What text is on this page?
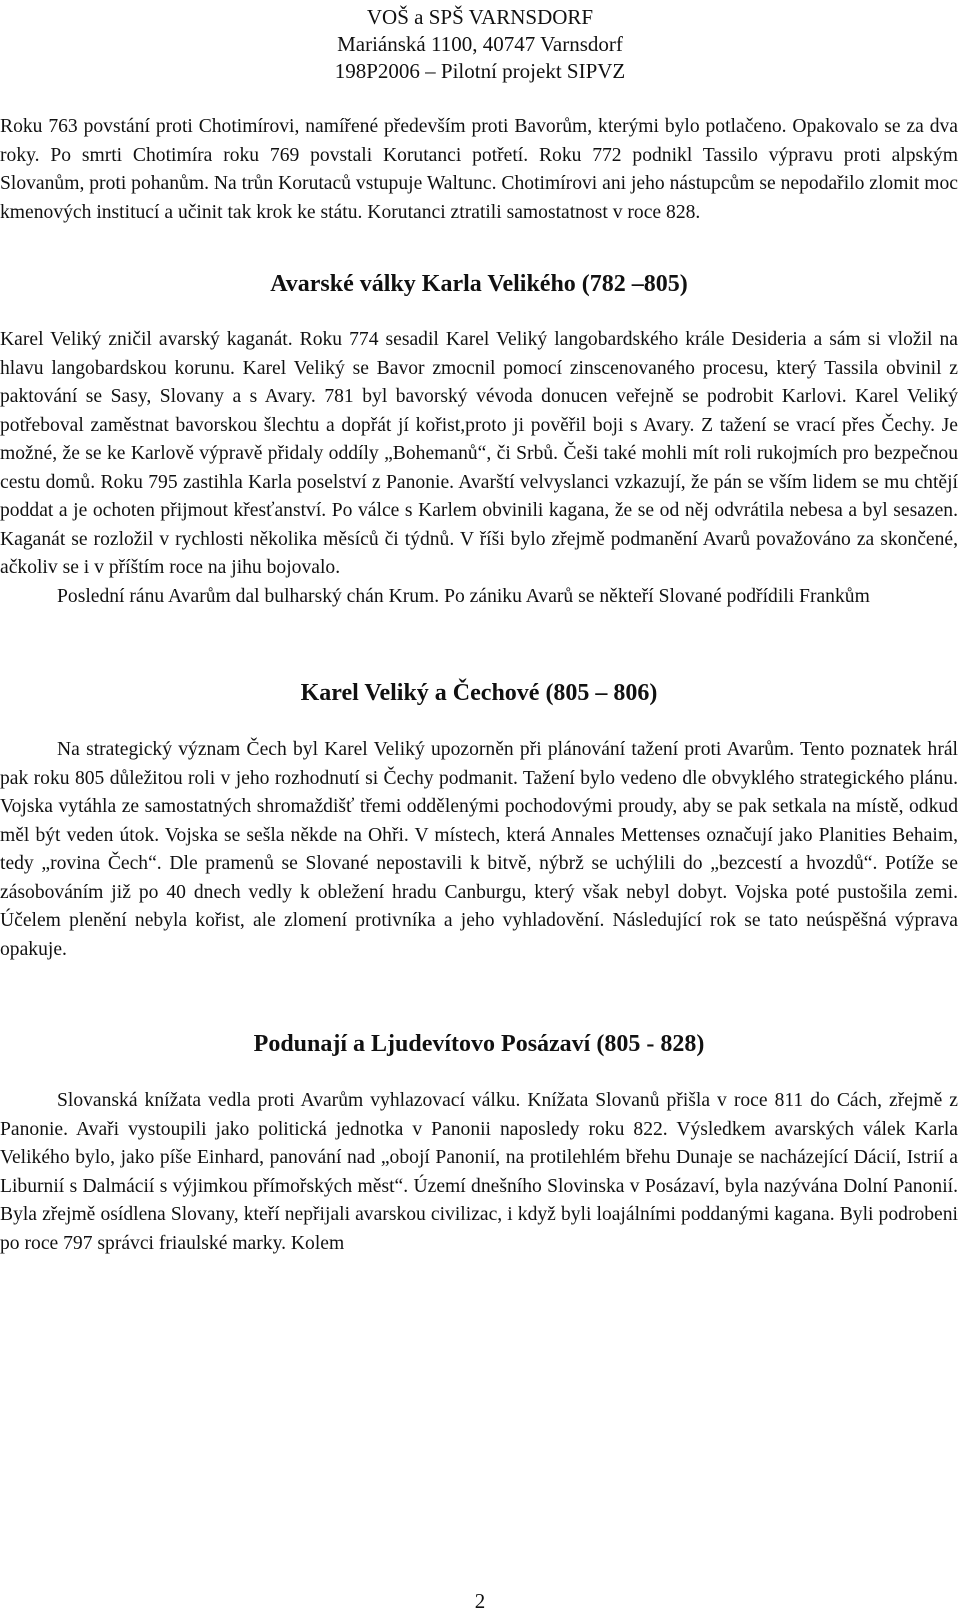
VOŠ a SPŠ VARNSDORF
Mariánská 1100, 40747 Varnsdorf
198P2006 – Pilotní projekt SIPVZ

Roku 763 povstání proti Chotimírovi, namířené především proti Bavorům, kterými bylo potlačeno. Opakovalo se za dva roky. Po smrti Chotimíra roku 769 povstali Korutanci potřetí. Roku 772 podnikl Tassilo výpravu proti alpským Slovanům, proti pohanům. Na trůn Korutaců vstupuje Waltunc. Chotimírovi ani jeho nástupcům se nepodařilo zlomit moc kmenových institucí a učinit tak krok ke státu. Korutanci ztratili samostatnost v roce 828.

Avarské války Karla Velikého (782 –805)

Karel Veliký zničil avarský kaganát. Roku 774 sesadil Karel Veliký langobardského krále Desideria a sám si vložil na hlavu langobardskou korunu. Karel Veliký se Bavor zmocnil pomocí zinscenovaného procesu, který Tassila obvinil z paktování se Sasy, Slovany a s Avary. 781 byl bavorský vévoda donucen veřejně se podrobit Karlovi. Karel Veliký potřeboval zaměstnat bavorskou šlechtu a dopřát jí kořist,proto ji pověřil boji s Avary. Z tažení se vrací přes Čechy. Je možné, že se ke Karlově výpravě přidaly oddíly „Bohemanů“, či Srbů. Češi také mohli mít roli rukojmích pro bezpečnou cestu domů. Roku 795 zastihla Karla poselství z Panonie. Avarští velvyslanci vzkazují, že pán se vším lidem se mu chtějí poddat a je ochoten přijmout křesťanství. Po válce s Karlem obvinili kagana, že se od něj odvrátila nebesa a byl sesazen. Kaganát se rozložil v rychlosti několika měsíců či týdnů. V říši bylo zřejmě podmanění Avarů považováno za skončené, ačkoliv se i v příštím roce na jihu bojovalo.

Poslední ránu Avarům dal bulharský chán Krum. Po zániku Avarů se někteří Slované podřídili Frankům

Karel Veliký a Čechové (805 – 806)

Na strategický význam Čech byl Karel Veliký upozorněn při plánování tažení proti Avarům. Tento poznatek hrál pak roku 805 důležitou roli v jeho rozhodnutí si Čechy podmanit. Tažení bylo vedeno dle obvyklého strategického plánu. Vojska vytáhla ze samostatných shromaždišť třemi oddělenými pochodovými proudy, aby se pak setkala na místě, odkud měl být veden útok. Vojska se sešla někde na Ohři. V místech, která Annales Mettenses označují jako Planities Behaim, tedy „rovina Čech“. Dle pramenů se Slované nepostavili k bitvě, nýbrž se uchýlili do „bezcestí a hvozdů“. Potíže se zásobováním již po 40 dnech vedly k obležení hradu Canburgu, který však nebyl dobyt. Vojska poté pustošila zemi. Účelem plenění nebyla kořist, ale zlomení protivníka a jeho vyhladovění. Následující rok se tato neúspěšná výprava opakuje.

Podunají a Ljudevítovo Posázaví (805 - 828)

Slovanská knížata vedla proti Avarům vyhlazovací válku. Knížata Slovanů přišla v roce 811 do Cách, zřejmě z Panonie. Avaři vystoupili jako politická jednotka v Panonii naposledy roku 822. Výsledkem avarských válek Karla Velikého bylo, jako píše Einhard, panování nad „obojí Panonií, na protilehlém břehu Dunaje se nacházející Dácií, Istrií a Liburnií s Dalmácií s výjimkou přímořských měst“. Území dnešního Slovinska v Posázaví, byla nazývána Dolní Panonií. Byla zřejmě osídlena Slovany, kteří nepřijali avarskou civilizac, i když byli loajálními poddanými kagana. Byli podrobeni po roce 797 správci friaulské marky. Kolem

2
